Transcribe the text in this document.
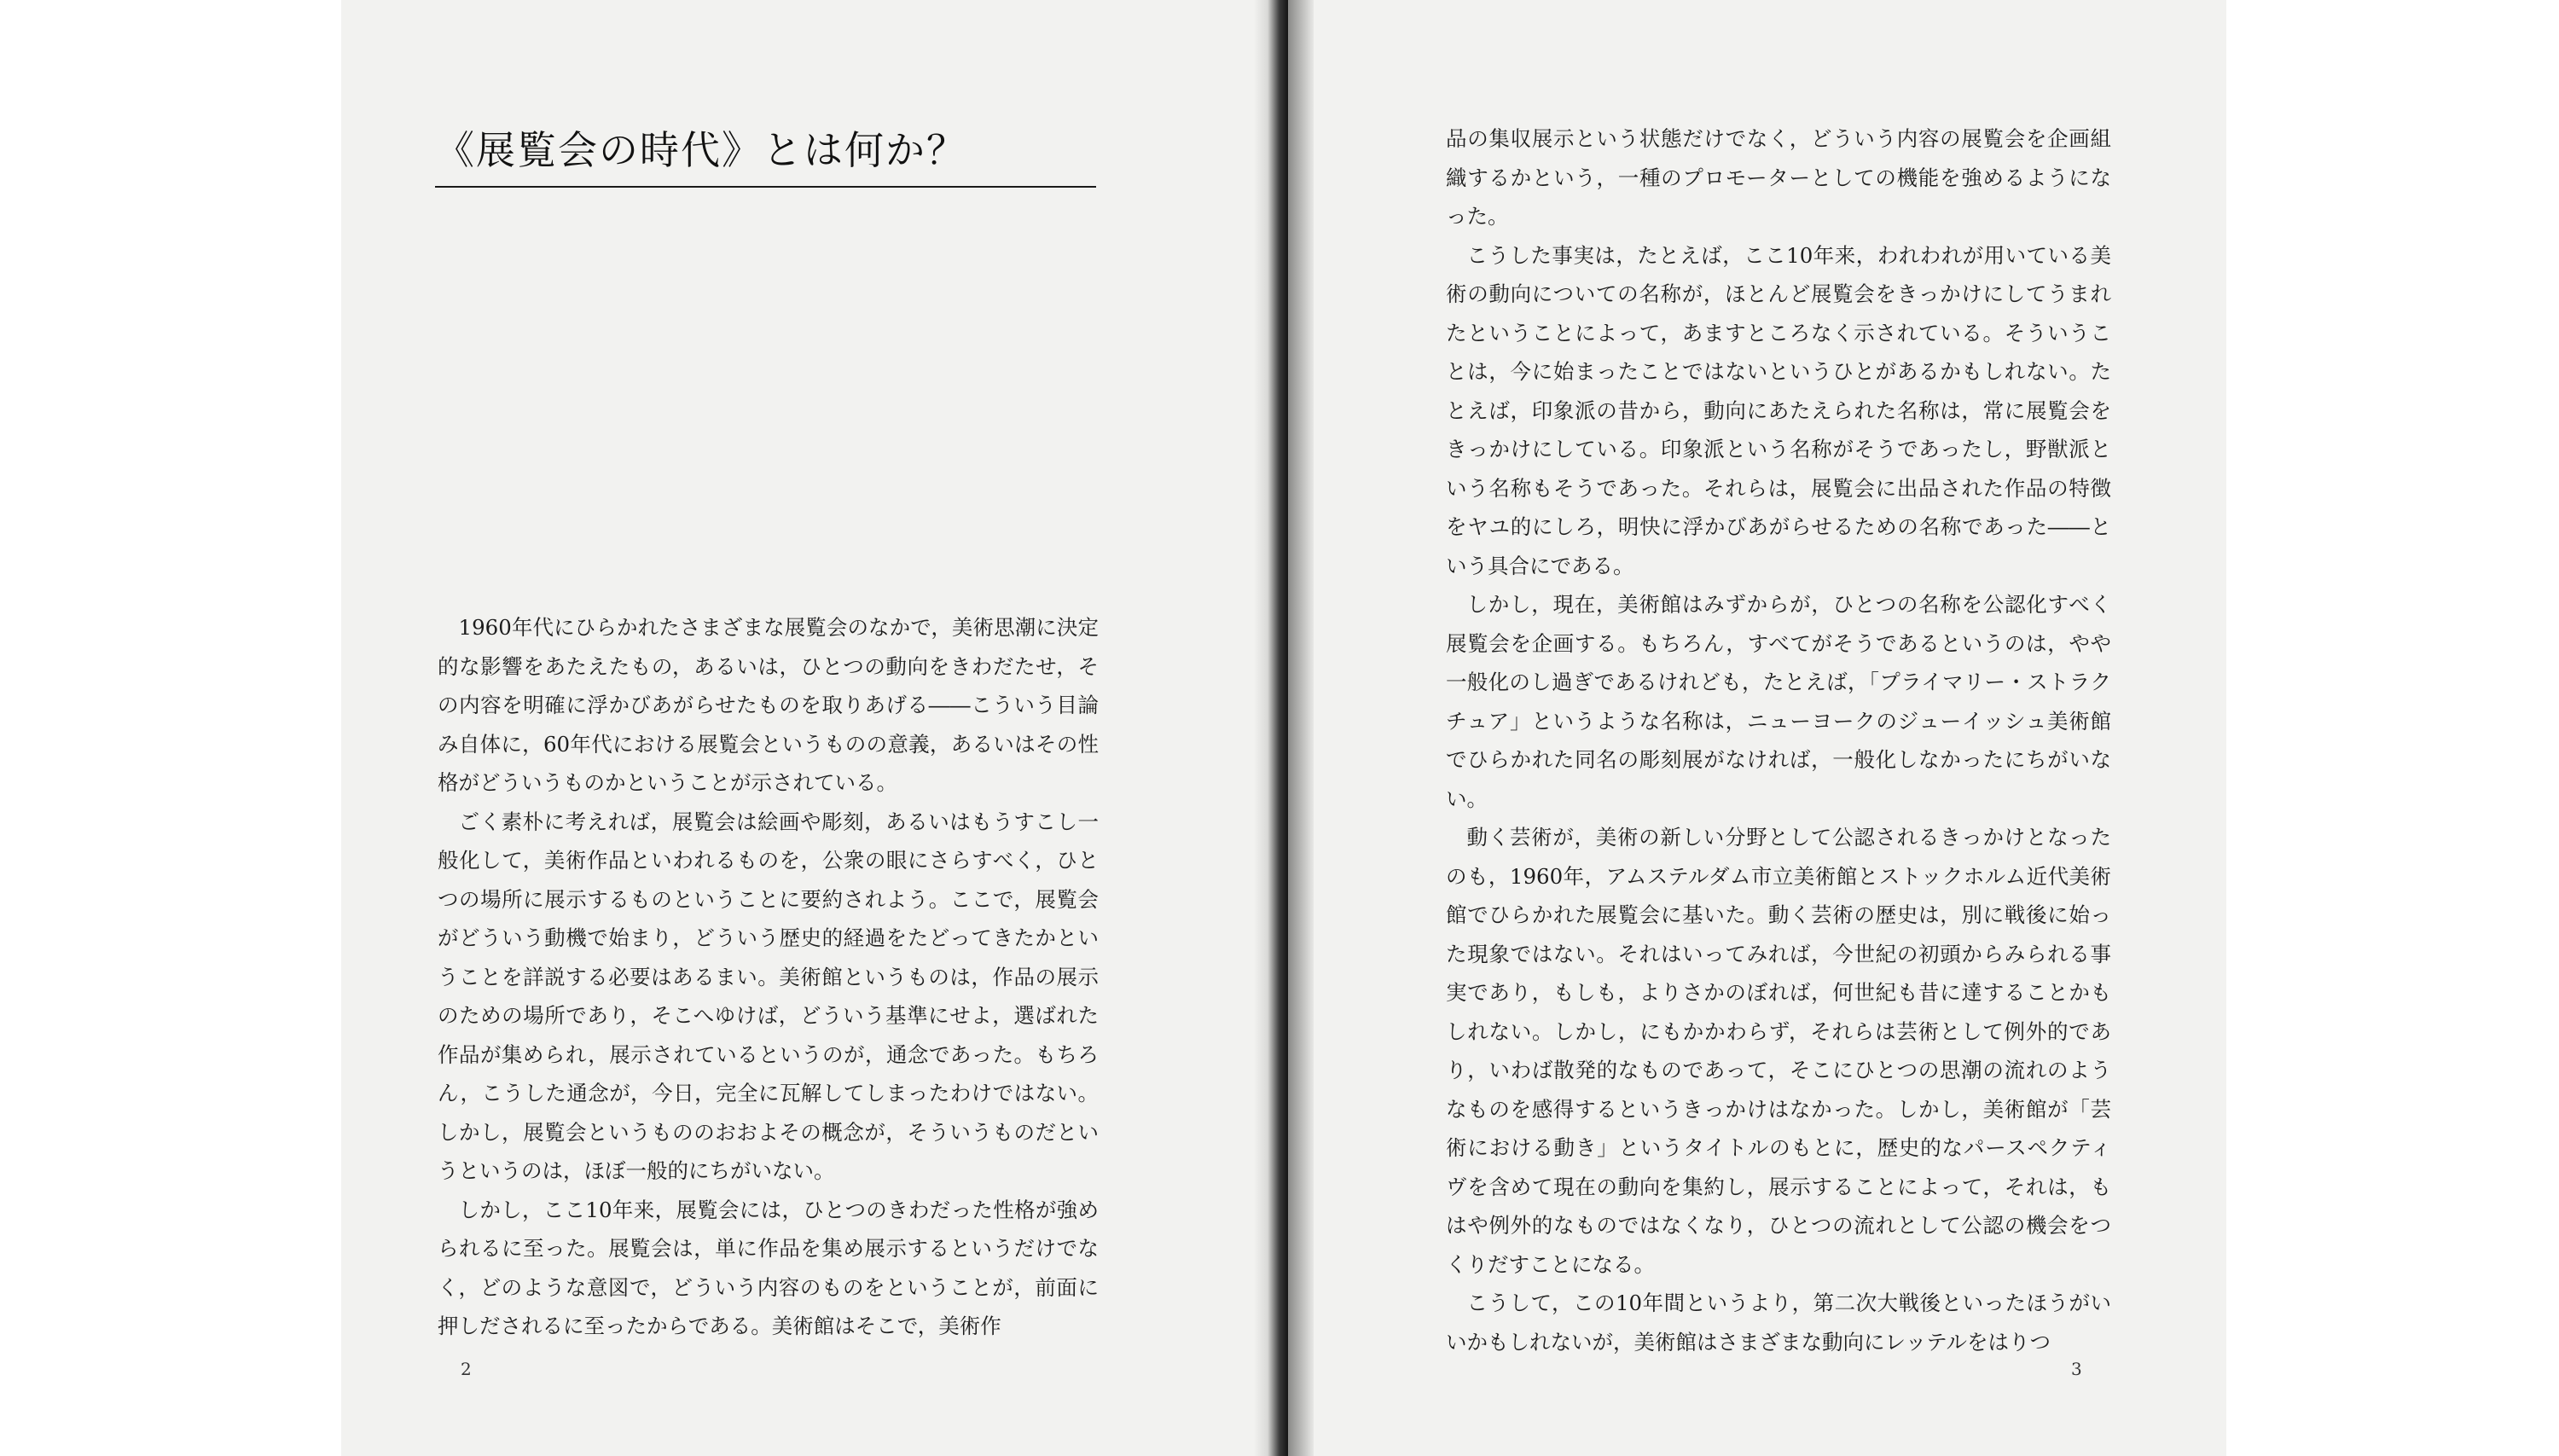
《展覧会の時代》とは何か？

1960年代にひらかれたさまざまな展覧会のなかで，美術思潮に決定的な影響をあたえたもの，あるいは，ひとつの動向をきわだたせ，その内容を明確に浮かびあがらせたものを取りあげる――こういう目論み自体に，60年代における展覧会というものの意義，あるいはその性格がどういうものかということが示されている。

ごく素朴に考えれば，展覧会は絵画や彫刻，あるいはもうすこし一般化して，美術作品といわれるものを，公衆の眼にさらすべく，ひとつの場所に展示するものということに要約されよう。ここで，展覧会がどういう動機で始まり，どういう歴史的経過をたどってきたかということを詳説する必要はあるまい。美術館というものは，作品の展示のための場所であり，そこへゆけば，どういう基準にせよ，選ばれた作品が集められ，展示されているというのが，通念であった。もちろん，こうした通念が，今日，完全に瓦解してしまったわけではない。しかし，展覧会というもののおおよその概念が，そういうものだというというのは，ほぼ一般的にちがいない。

しかし，ここ10年来，展覧会には，ひとつのきわだった性格が強められるに至った。展覧会は，単に作品を集め展示するというだけでなく，どのような意図で，どういう内容のものをということが，前面に押しだされるに至ったからである。美術館はそこで，美術作

品の集収展示という状態だけでなく，どういう内容の展覧会を企画組織するかという，一種のプロモーターとしての機能を強めるようになった。

こうした事実は，たとえば，ここ10年来，われわれが用いている美術の動向についての名称が，ほとんど展覧会をきっかけにしてうまれたということによって，あますところなく示されている。そういうことは，今に始まったことではないというひとがあるかもしれない。たとえば，印象派の昔から，動向にあたえられた名称は，常に展覧会をきっかけにしている。印象派という名称がそうであったし，野獣派という名称もそうであった。それらは，展覧会に出品された作品の特徴をヤユ的にしろ，明快に浮かびあがらせるための名称であった――という具合にである。

しかし，現在，美術館はみずからが，ひとつの名称を公認化すべく展覧会を企画する。もちろん，すべてがそうであるというのは，やや一般化のし過ぎであるけれども，たとえば，「プライマリー・ストラクチュア」というような名称は，ニューヨークのジューイッシュ美術館でひらかれた同名の彫刻展がなければ，一般化しなかったにちがいない。

動く芸術が，美術の新しい分野として公認されるきっかけとなったのも，1960年，アムステルダム市立美術館とストックホルム近代美術館でひらかれた展覧会に基いた。動く芸術の歴史は，別に戦後に始った現象ではない。それはいってみれば，今世紀の初頭からみられる事実であり，もしも，よりさかのぼれば，何世紀も昔に達することかもしれない。しかし，にもかかわらず，それらは芸術として例外的であり，いわば散発的なものであって，そこにひとつの思潮の流れのようなものを感得するというきっかけはなかった。しかし，美術館が「芸術における動き」というタイトルのもとに，歴史的なパースペクティヴを含めて現在の動向を集約し，展示することによって，それは，もはや例外的なものではなくなり，ひとつの流れとして公認の機会をつくりだすことになる。

こうして，この10年間というより，第二次大戦後といったほうがいいかもしれないが，美術館はさまざまな動向にレッテルをはりつ

2	3
